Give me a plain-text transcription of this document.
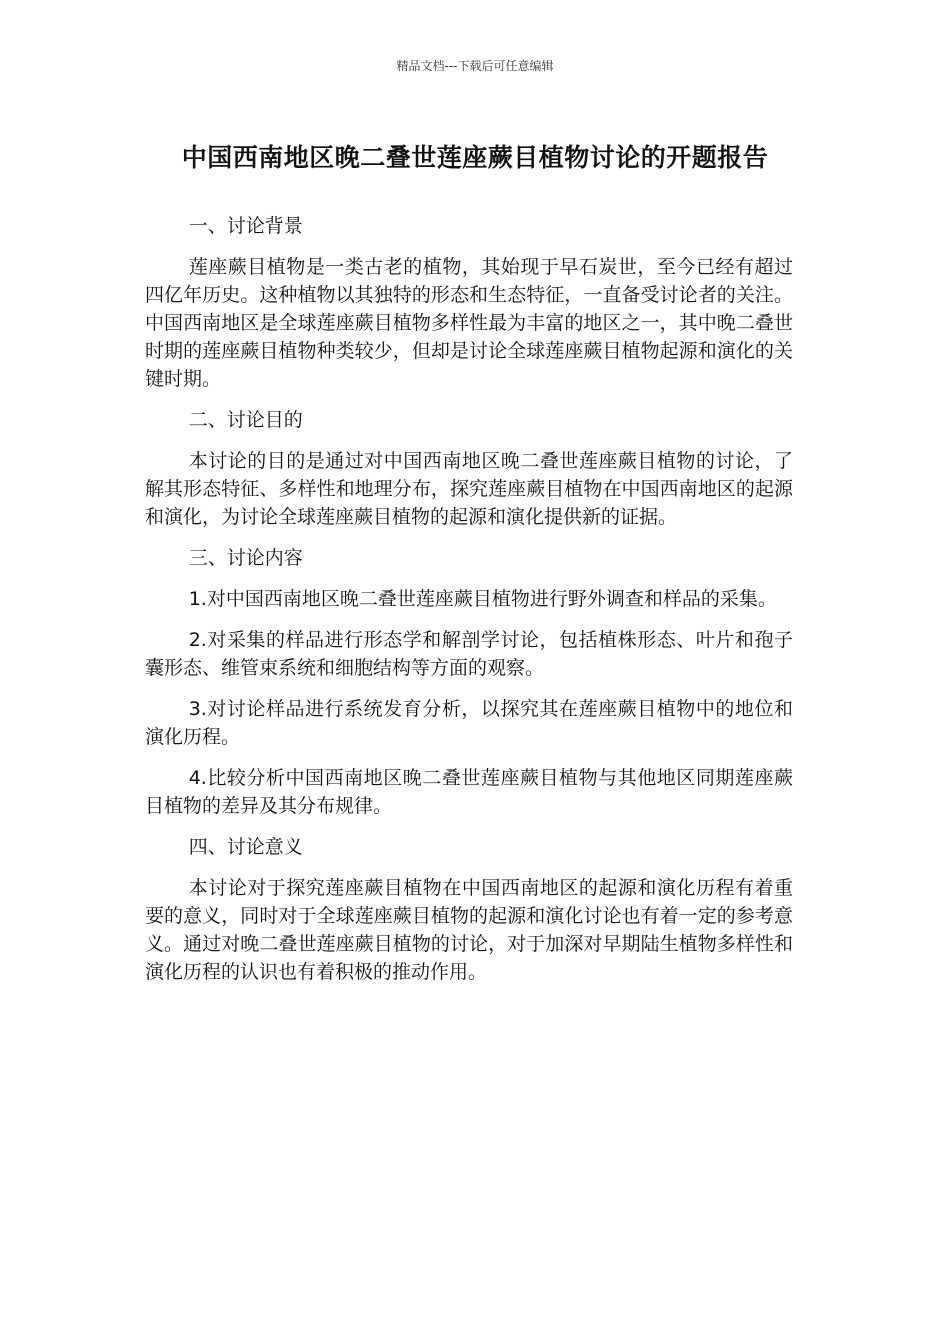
精品文档---下载后可任意编辑
中国西南地区晚二叠世莲座蕨目植物讨论的开题报告

一、讨论背景

莲座蕨目植物是一类古老的植物，其始现于早石炭世，至今已经有超过四亿年历史。这种植物以其独特的形态和生态特征，一直备受讨论者的关注。中国西南地区是全球莲座蕨目植物多样性最为丰富的地区之一，其中晚二叠世时期的莲座蕨目植物种类较少，但却是讨论全球莲座蕨目植物起源和演化的关键时期。

二、讨论目的

本讨论的目的是通过对中国西南地区晚二叠世莲座蕨目植物的讨论，了解其形态特征、多样性和地理分布，探究莲座蕨目植物在中国西南地区的起源和演化，为讨论全球莲座蕨目植物的起源和演化提供新的证据。

三、讨论内容

1.对中国西南地区晚二叠世莲座蕨目植物进行野外调查和样品的采集。

2.对采集的样品进行形态学和解剖学讨论，包括植株形态、叶片和孢子囊形态、维管束系统和细胞结构等方面的观察。

3.对讨论样品进行系统发育分析，以探究其在莲座蕨目植物中的地位和演化历程。

4.比较分析中国西南地区晚二叠世莲座蕨目植物与其他地区同期莲座蕨目植物的差异及其分布规律。

四、讨论意义

本讨论对于探究莲座蕨目植物在中国西南地区的起源和演化历程有着重要的意义，同时对于全球莲座蕨目植物的起源和演化讨论也有着一定的参考意义。通过对晚二叠世莲座蕨目植物的讨论，对于加深对早期陆生植物多样性和演化历程的认识也有着积极的推动作用。
